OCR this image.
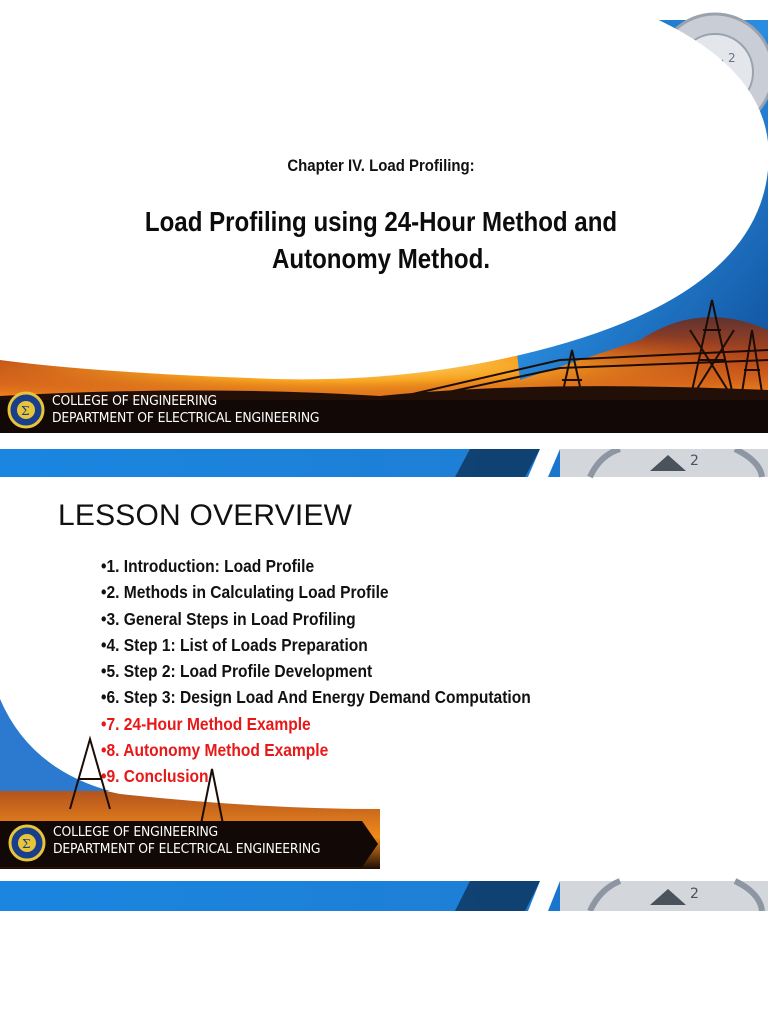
2
Σ
Chapter IV. Load Profiling:
Load Profiling using 24-Hour Method and
Autonomy Method.
COLLEGE OF ENGINEERING
DEPARTMENT OF ELECTRICAL ENGINEERING
2
Σ
2
LESSON OVERVIEW
•1. Introduction: Load Profile
•2. Methods in Calculating Load Profile
•3. General Steps in Load Profiling
•4. Step 1: List of Loads Preparation
•5. Step 2: Load Profile Development
•6. Step 3: Design Load And Energy Demand Computation
•7. 24-Hour Method Example
•8. Autonomy Method Example
•9. Conclusion
COLLEGE OF ENGINEERING
DEPARTMENT OF ELECTRICAL ENGINEERING
